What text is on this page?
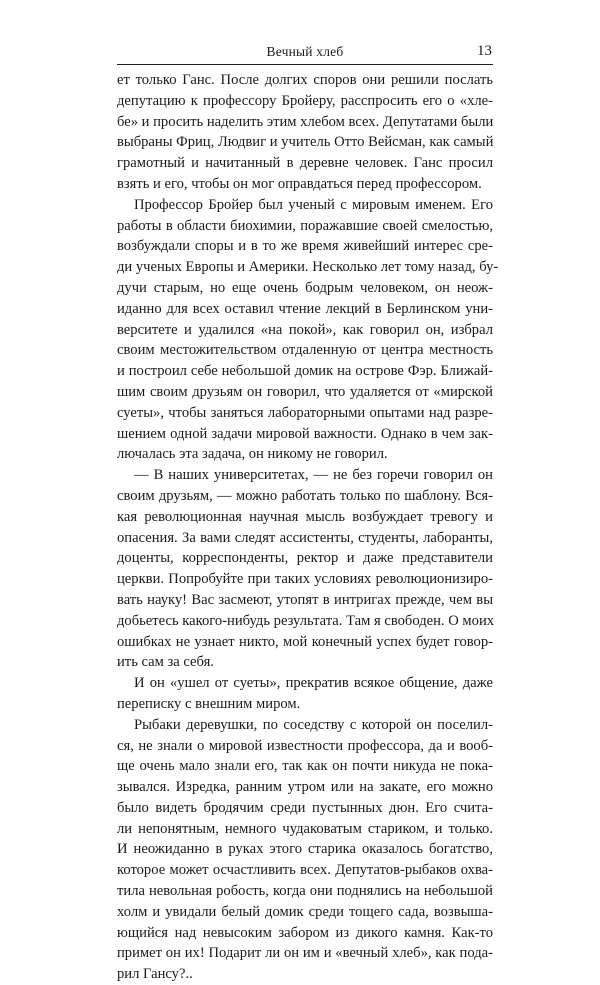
Вечный хлеб	13

ет только Ганс. После долгих споров они решили послать
депутацию к профессору Бройеру, расспросить его о «хле-
бе» и просить наделить этим хлебом всех. Депутатами были
выбраны Фриц, Людвиг и учитель Отто Вейсман, как самый
грамотный и начитанный в деревне человек. Ганс просил
взять и его, чтобы он мог оправдаться перед профессором.

Профессор Бройер был ученый с мировым именем. Его
работы в области биохимии, поражавшие своей смелостью,
возбуждали споры и в то же время живейший интерес сре-
ди ученых Европы и Америки. Несколько лет тому назад, бу-
дучи старым, но еще очень бодрым человеком, он неож-
иданно для всех оставил чтение лекций в Берлинском уни-
верситете и удалился «на покой», как говорил он, избрал
своим местожительством отдаленную от центра местность
и построил себе небольшой домик на острове Фэр. Ближай-
шим своим друзьям он говорил, что удаляется от «мирской
суеты», чтобы заняться лабораторными опытами над разре-
шением одной задачи мировой важности. Однако в чем зак-
лючалась эта задача, он никому не говорил.

— В наших университетах, — не без горечи говорил он
своим друзьям, — можно работать только по шаблону. Вся-
кая революционная научная мысль возбуждает тревогу и
опасения. За вами следят ассистенты, студенты, лаборанты,
доценты, корреспонденты, ректор и даже представители
церкви. Попробуйте при таких условиях революционизиро-
вать науку! Вас засмеют, утопят в интригах прежде, чем вы
добьетесь какого-нибудь результата. Там я свободен. О моих
ошибках не узнает никто, мой конечный успех будет говор-
ить сам за себя.

И он «ушел от суеты», прекратив всякое общение, даже
переписку с внешним миром.

Рыбаки деревушки, по соседству с которой он поселил-
ся, не знали о мировой известности профессора, да и вооб-
ще очень мало знали его, так как он почти никуда не пока-
зывался. Изредка, ранним утром или на закате, его можно
было видеть бродячим среди пустынных дюн. Его счита-
ли непонятным, немного чудаковатым стариком, и только.
И неожиданно в руках этого старика оказалось богатство,
которое может осчастливить всех. Депутатов-рыбаков охва-
тила невольная робость, когда они поднялись на небольшой
холм и увидали белый домик среди тощего сада, возвыша-
ющийся над невысоким забором из дикого камня. Как-то
примет он их! Подарит ли он им и «вечный хлеб», как пода-
рил Гансу?..
